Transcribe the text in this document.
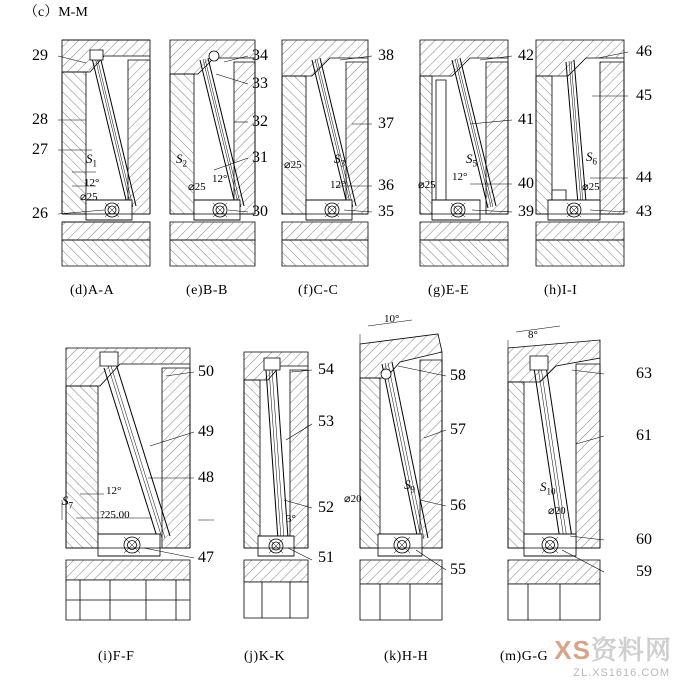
（c）M-M
29
28
27
26
$S_1$
12°
⌀25
(d)A-A
34
33
32
31
30
$S_2$
12°
⌀25
(e)B-B
38
37
36
35
$S_3$
12°
⌀25
(f)C-C
42
41
40
39
$S_5$
12°
⌀25
(g)E-E
46
45
44
43
$S_6$
⌀25
(h)I-I
50
49
48
47
$S_7$
12°
?25.00
(i)F-F
54
53
52
51
3°
(j)K-K
58
57
56
55
$S_9$
10°
⌀20
(k)H-H
63
61
60
59
$S_{10}$
8°
⌀20
(m)G-G XS资料网
ZL.XS1616.COM
